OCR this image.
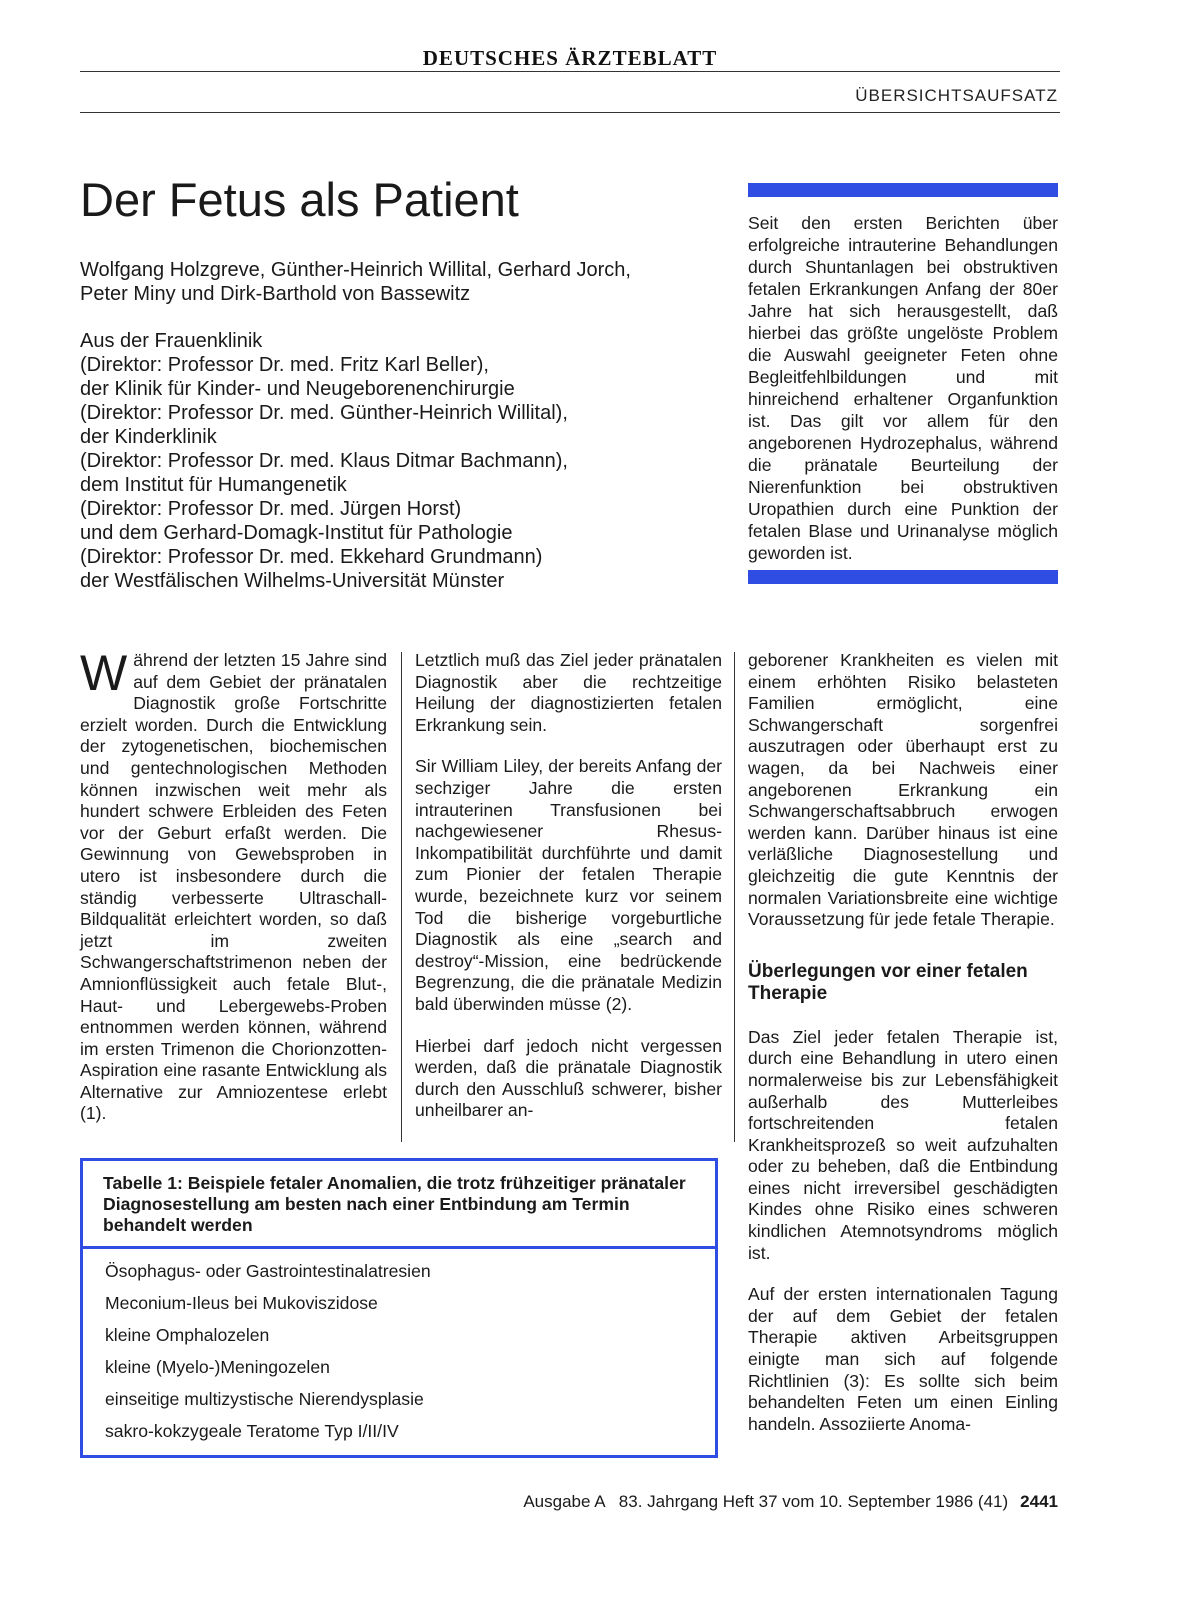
DEUTSCHES ÄRZTEBLATT
ÜBERSICHTSAUFSATZ
Der Fetus als Patient
Wolfgang Holzgreve, Günther-Heinrich Willital, Gerhard Jorch,
Peter Miny und Dirk-Barthold von Bassewitz
Aus der Frauenklinik
(Direktor: Professor Dr. med. Fritz Karl Beller),
der Klinik für Kinder- und Neugeborenenchirurgie
(Direktor: Professor Dr. med. Günther-Heinrich Willital),
der Kinderklinik
(Direktor: Professor Dr. med. Klaus Ditmar Bachmann),
dem Institut für Humangenetik
(Direktor: Professor Dr. med. Jürgen Horst)
und dem Gerhard-Domagk-Institut für Pathologie
(Direktor: Professor Dr. med. Ekkehard Grundmann)
der Westfälischen Wilhelms-Universität Münster
Seit den ersten Berichten über erfolgreiche intrauterine Behandlungen durch Shuntanlagen bei obstruktiven fetalen Erkrankungen Anfang der 80er Jahre hat sich herausgestellt, daß hierbei das größte ungelöste Problem die Auswahl geeigneter Feten ohne Begleitfehlbildungen und mit hinreichend erhaltener Organfunktion ist. Das gilt vor allem für den angeborenen Hydrozephalus, während die pränatale Beurteilung der Nierenfunktion bei obstruktiven Uropathien durch eine Punktion der fetalen Blase und Urinanalyse möglich geworden ist.

Während der letzten 15 Jahre sind auf dem Gebiet der pränatalen Diagnostik große Fortschritte erzielt worden. Durch die Entwicklung der zytogenetischen, biochemischen und gentechnologischen Methoden können inzwischen weit mehr als hundert schwere Erbleiden des Feten vor der Geburt erfaßt werden. Die Gewinnung von Gewebsproben in utero ist insbesondere durch die ständig verbesserte Ultraschall-Bildqualität erleichtert worden, so daß jetzt im zweiten Schwangerschaftstrimenon neben der Amnionflüssigkeit auch fetale Blut-, Haut- und Lebergewebs-Proben entnommen werden können, während im ersten Trimenon die Chorionzotten-Aspiration eine rasante Entwicklung als Alternative zur Amniozentese erlebt (1).

Letztlich muß das Ziel jeder pränatalen Diagnostik aber die rechtzeitige Heilung der diagnostizierten fetalen Erkrankung sein.

Sir William Liley, der bereits Anfang der sechziger Jahre die ersten intrauterinen Transfusionen bei nachgewiesener Rhesus-Inkompatibilität durchführte und damit zum Pionier der fetalen Therapie wurde, bezeichnete kurz vor seinem Tod die bisherige vorgeburtliche Diagnostik als eine „search and destroy“-Mission, eine bedrückende Begrenzung, die die pränatale Medizin bald überwinden müsse (2).

Hierbei darf jedoch nicht vergessen werden, daß die pränatale Diagnostik durch den Ausschluß schwerer, bisher unheilbarer an-

geborener Krankheiten es vielen mit einem erhöhten Risiko belasteten Familien ermöglicht, eine Schwangerschaft sorgenfrei auszutragen oder überhaupt erst zu wagen, da bei Nachweis einer angeborenen Erkrankung ein Schwangerschaftsabbruch erwogen werden kann. Darüber hinaus ist eine verläßliche Diagnosestellung und gleichzeitig die gute Kenntnis der normalen Variationsbreite eine wichtige Voraussetzung für jede fetale Therapie.

Überlegungen vor einer fetalen Therapie

Das Ziel jeder fetalen Therapie ist, durch eine Behandlung in utero einen normalerweise bis zur Lebensfähigkeit außerhalb des Mutterleibes fortschreitenden fetalen Krankheitsprozeß so weit aufzuhalten oder zu beheben, daß die Entbindung eines nicht irreversibel geschädigten Kindes ohne Risiko eines schweren kindlichen Atemnotsyndroms möglich ist.

Auf der ersten internationalen Tagung der auf dem Gebiet der fetalen Therapie aktiven Arbeitsgruppen einigte man sich auf folgende Richtlinien (3): Es sollte sich beim behandelten Feten um einen Einling handeln. Assoziierte Anoma-

Tabelle 1: Beispiele fetaler Anomalien, die trotz frühzeitiger pränataler Diagnosestellung am besten nach einer Entbindung am Termin behandelt werden
Ösophagus- oder Gastrointestinalatresien
Meconium-Ileus bei Mukoviszidose
kleine Omphalozelen
kleine (Myelo-)Meningozelen
einseitige multizystische Nierendysplasie
sakro-kokzygeale Teratome Typ I/II/IV
Ausgabe A   83. Jahrgang Heft 37 vom 10. September 1986 (41) 2441
